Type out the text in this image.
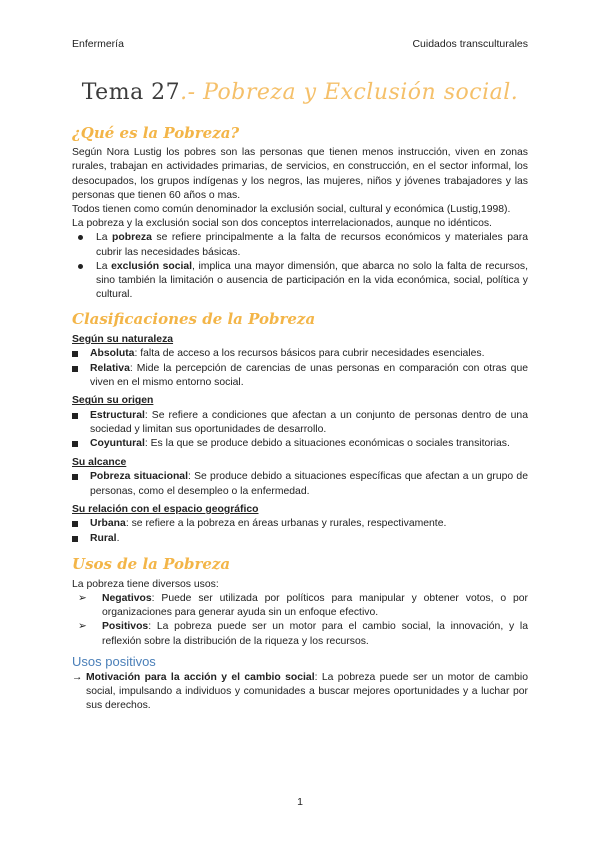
Enfermería	Cuidados transculturales
Tema 27.- Pobreza y Exclusión social.
¿Qué es la Pobreza?

Según Nora Lustig los pobres son las personas que tienen menos instrucción, viven en zonas rurales, trabajan en actividades primarias, de servicios, en construcción, en el sector informal, los desocupados, los grupos indígenas y los negros, las mujeres, niños y jóvenes trabajadores y las personas que tienen 60 años o mas.

Todos tienen como común denominador la exclusión social, cultural y económica (Lustig,1998).

La pobreza y la exclusión social son dos conceptos interrelacionados, aunque no idénticos.

La pobreza se refiere principalmente a la falta de recursos económicos y materiales para cubrir las necesidades básicas.
La exclusión social, implica una mayor dimensión, que abarca no solo la falta de recursos, sino también la limitación o ausencia de participación en la vida económica, social, política y cultural.
Clasificaciones de la Pobreza
Según su naturaleza
Absoluta: falta de acceso a los recursos básicos para cubrir necesidades esenciales.
Relativa: Mide la percepción de carencias de unas personas en comparación con otras que viven en el mismo entorno social.
Según su origen
Estructural: Se refiere a condiciones que afectan a un conjunto de personas dentro de una sociedad y limitan sus oportunidades de desarrollo.
Coyuntural: Es la que se produce debido a situaciones económicas o sociales transitorias.
Su alcance
Pobreza situacional: Se produce debido a situaciones específicas que afectan a un grupo de personas, como el desempleo o la enfermedad.
Su relación con el espacio geográfico
Urbana: se refiere a la pobreza en áreas urbanas y rurales, respectivamente.
Rural.
Usos de la Pobreza

La pobreza tiene diversos usos:

➢	Negativos: Puede ser utilizada por políticos para manipular y obtener votos, o por organizaciones para generar ayuda sin un enfoque efectivo.
➢	Positivos: La pobreza puede ser un motor para el cambio social, la innovación, y la reflexión sobre la distribución de la riqueza y los recursos.
Usos positivos
→ Motivación para la acción y el cambio social: La pobreza puede ser un motor de cambio social, impulsando a individuos y comunidades a buscar mejores oportunidades y a luchar por sus derechos.
1
